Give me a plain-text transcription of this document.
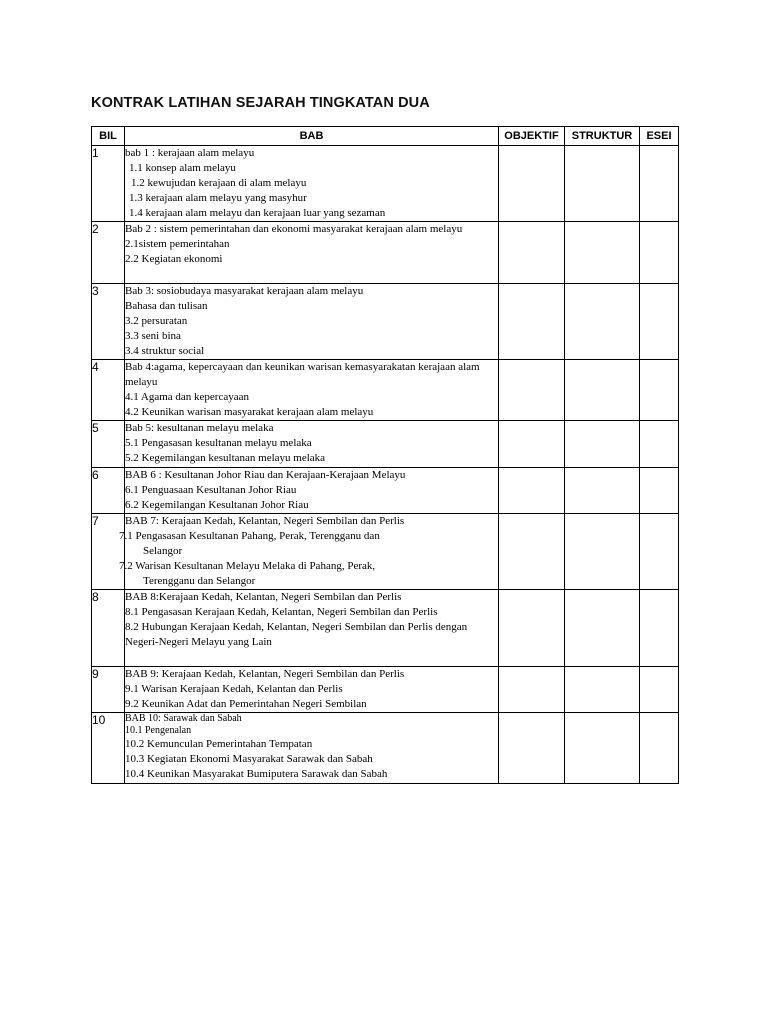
KONTRAK LATIHAN SEJARAH TINGKATAN DUA
BIL	BAB	OBJEKTIF	STRUKTUR	ESEI
1	bab 1 : kerajaan alam melayu
1.1 konsep alam melayu
1.2 kewujudan kerajaan di alam melayu
1.3 kerajaan alam melayu yang masyhur
1.4 kerajaan alam melayu dan kerajaan luar yang sezaman			

2	Bab 2 : sistem pemerintahan dan ekonomi masyarakat kerajaan alam melayu
2.1sistem pemerintahan
2.2 Kegiatan ekonomi			

3	Bab 3: sosiobudaya masyarakat kerajaan alam melayu
Bahasa dan tulisan
3.2 persuratan
3.3 seni bina
3.4 struktur social			

4	Bab 4:agama, kepercayaan dan keunikan warisan kemasyarakatan kerajaan alam melayu
4.1 Agama dan kepercayaan
4.2 Keunikan warisan masyarakat kerajaan alam melayu			

5	Bab 5: kesultanan melayu melaka
5.1 Pengasasan kesultanan melayu melaka
5.2 Kegemilangan kesultanan melayu melaka			

6	BAB 6 : Kesultanan Johor Riau dan Kerajaan-Kerajaan Melayu
6.1 Penguasaan Kesultanan Johor Riau
6.2 Kegemilangan Kesultanan Johor Riau			

7	BAB 7: Kerajaan Kedah, Kelantan, Negeri Sembilan dan Perlis
7.1 Pengasasan Kesultanan Pahang, Perak, Terengganu dan
Selangor
7.2 Warisan Kesultanan Melayu Melaka di Pahang, Perak,
Terengganu dan Selangor			

8	BAB 8:Kerajaan Kedah, Kelantan, Negeri Sembilan dan Perlis
8.1 Pengasasan Kerajaan Kedah, Kelantan, Negeri Sembilan dan Perlis
8.2 Hubungan Kerajaan Kedah, Kelantan, Negeri Sembilan dan Perlis dengan Negeri-Negeri Melayu yang Lain			

9	BAB 9: Kerajaan Kedah, Kelantan, Negeri Sembilan dan Perlis
9.1 Warisan Kerajaan Kedah, Kelantan dan Perlis
9.2 Keunikan Adat dan Pemerintahan Negeri Sembilan			

10	BAB 10: Sarawak dan Sabah
10.1 Pengenalan
10.2 Kemunculan Pemerintahan Tempatan
10.3 Kegiatan Ekonomi Masyarakat Sarawak dan Sabah
10.4 Keunikan Masyarakat Bumiputera Sarawak dan Sabah			
